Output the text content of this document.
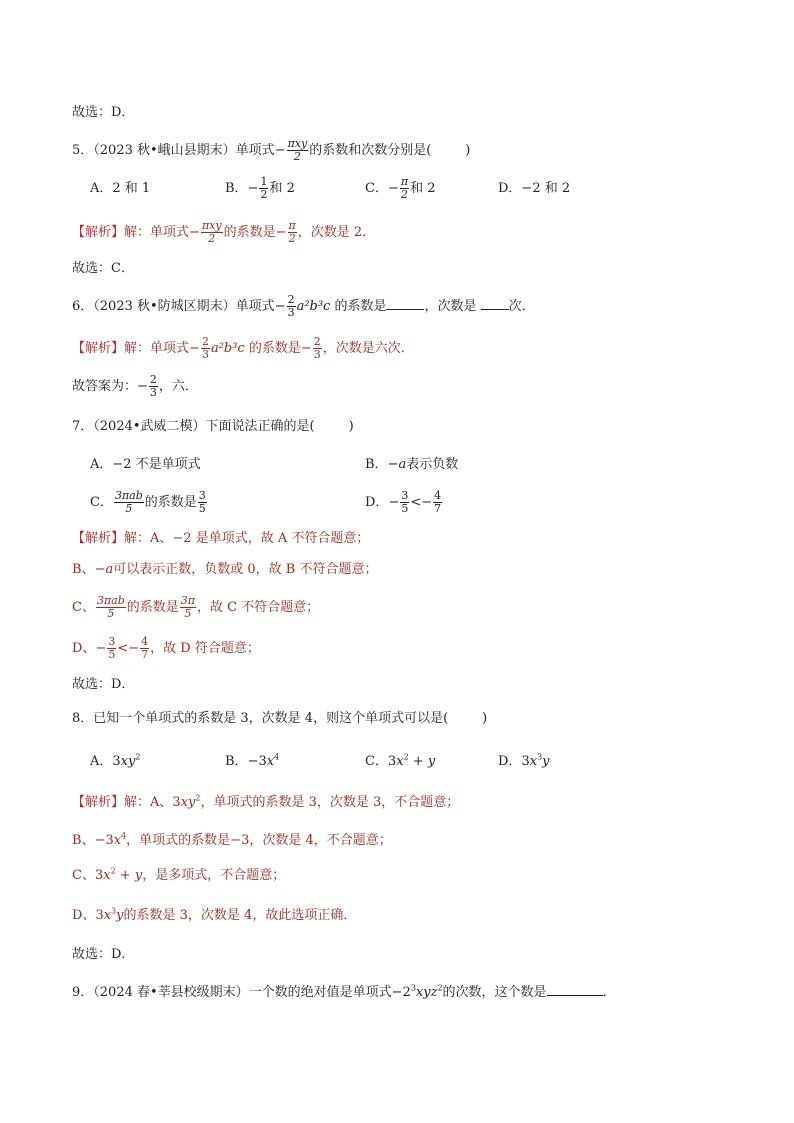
故选：D．
5．（2023 秋•峨山县期末）单项式− $\frac{\text{πxy}}{2}$ 的系数和次数分别是(	)
A．2 和 1	B．− $\frac{1}{2}$ 和 2	C．− $\frac{\pi}{2}$ 和 2	D．−2 和 2
【解析】解：单项式− $\frac{\text{πxy}}{2}$ 的系数是− $\frac{\pi}{2}$ ，次数是 2．
故选：C．
6．（2023 秋•防城区期末）单项式− $\frac{2}{3} a^2b^3c$ 的系数是	，次数是 次．
【解析】解：单项式− $\frac{2}{3} a^2b^3c$ 的系数是− $\frac{2}{3}$ ，次数是六次．
故答案为：− $\frac{2}{3}$ ，六．
7．（2024•武威二模）下面说法正确的是(	)
A．−2 不是单项式	B．−a表示负数
C． $\frac{\text{3πab}}{5}$ 的系数是 $\frac{3}{5}$	D．− $\frac{3}{5} <- \frac{4}{7}$
【解析】解：A、−2 是单项式，故 A 不符合题意；
B、−a可以表示正数，负数或 0，故 B 不符合题意；
C、 $\frac{\text{3πab}}{5}$ 的系数是 $\frac{3\pi}{5}$ ，故 C 不符合题意；
D、− $\frac{3}{5} <- \frac{4}{7}$ ，故 D 符合题意；
故选：D．
8．已知一个单项式的系数是 3，次数是 4，则这个单项式可以是(	)
A．$3xy^2$	B．$-3x^4$	C．$3x^2 + y$	D．$3x^3y$
【解析】解：A、$3xy^2$，单项式的系数是 3，次数是 3，不合题意；
B、$-3x^4$，单项式的系数是−3，次数是 4，不合题意；
C、$3x^2 + y$，是多项式，不合题意；
D、$3x^3y$的系数是 3，次数是 4，故此选项正确．
故选：D．
9．（2024 春•莘县校级期末）一个数的绝对值是单项式$-2^3xyz^2$的次数，这个数是	．
